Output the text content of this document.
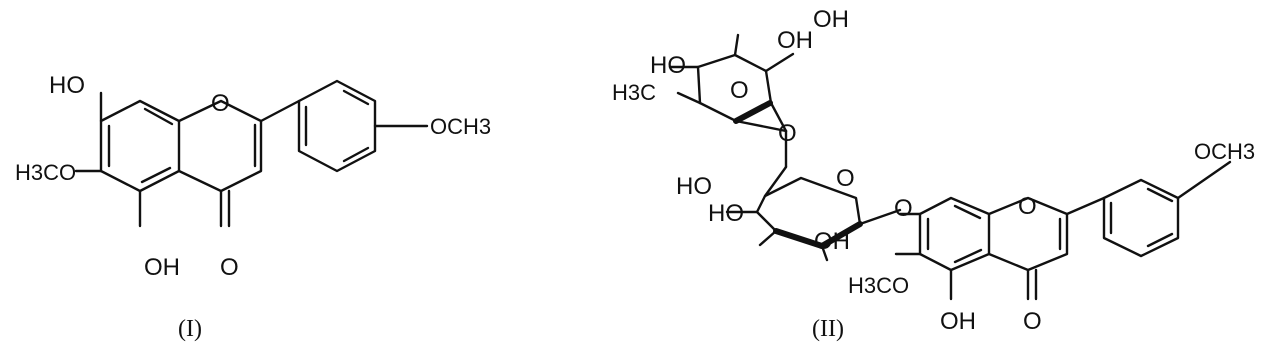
HO
O
OCH3
H3CO
OH O
(I)
OH
OH
HO
H3C	O
O
HO
HO
OH
O
O	O
OCH3
H3CO
OH O
(II)
